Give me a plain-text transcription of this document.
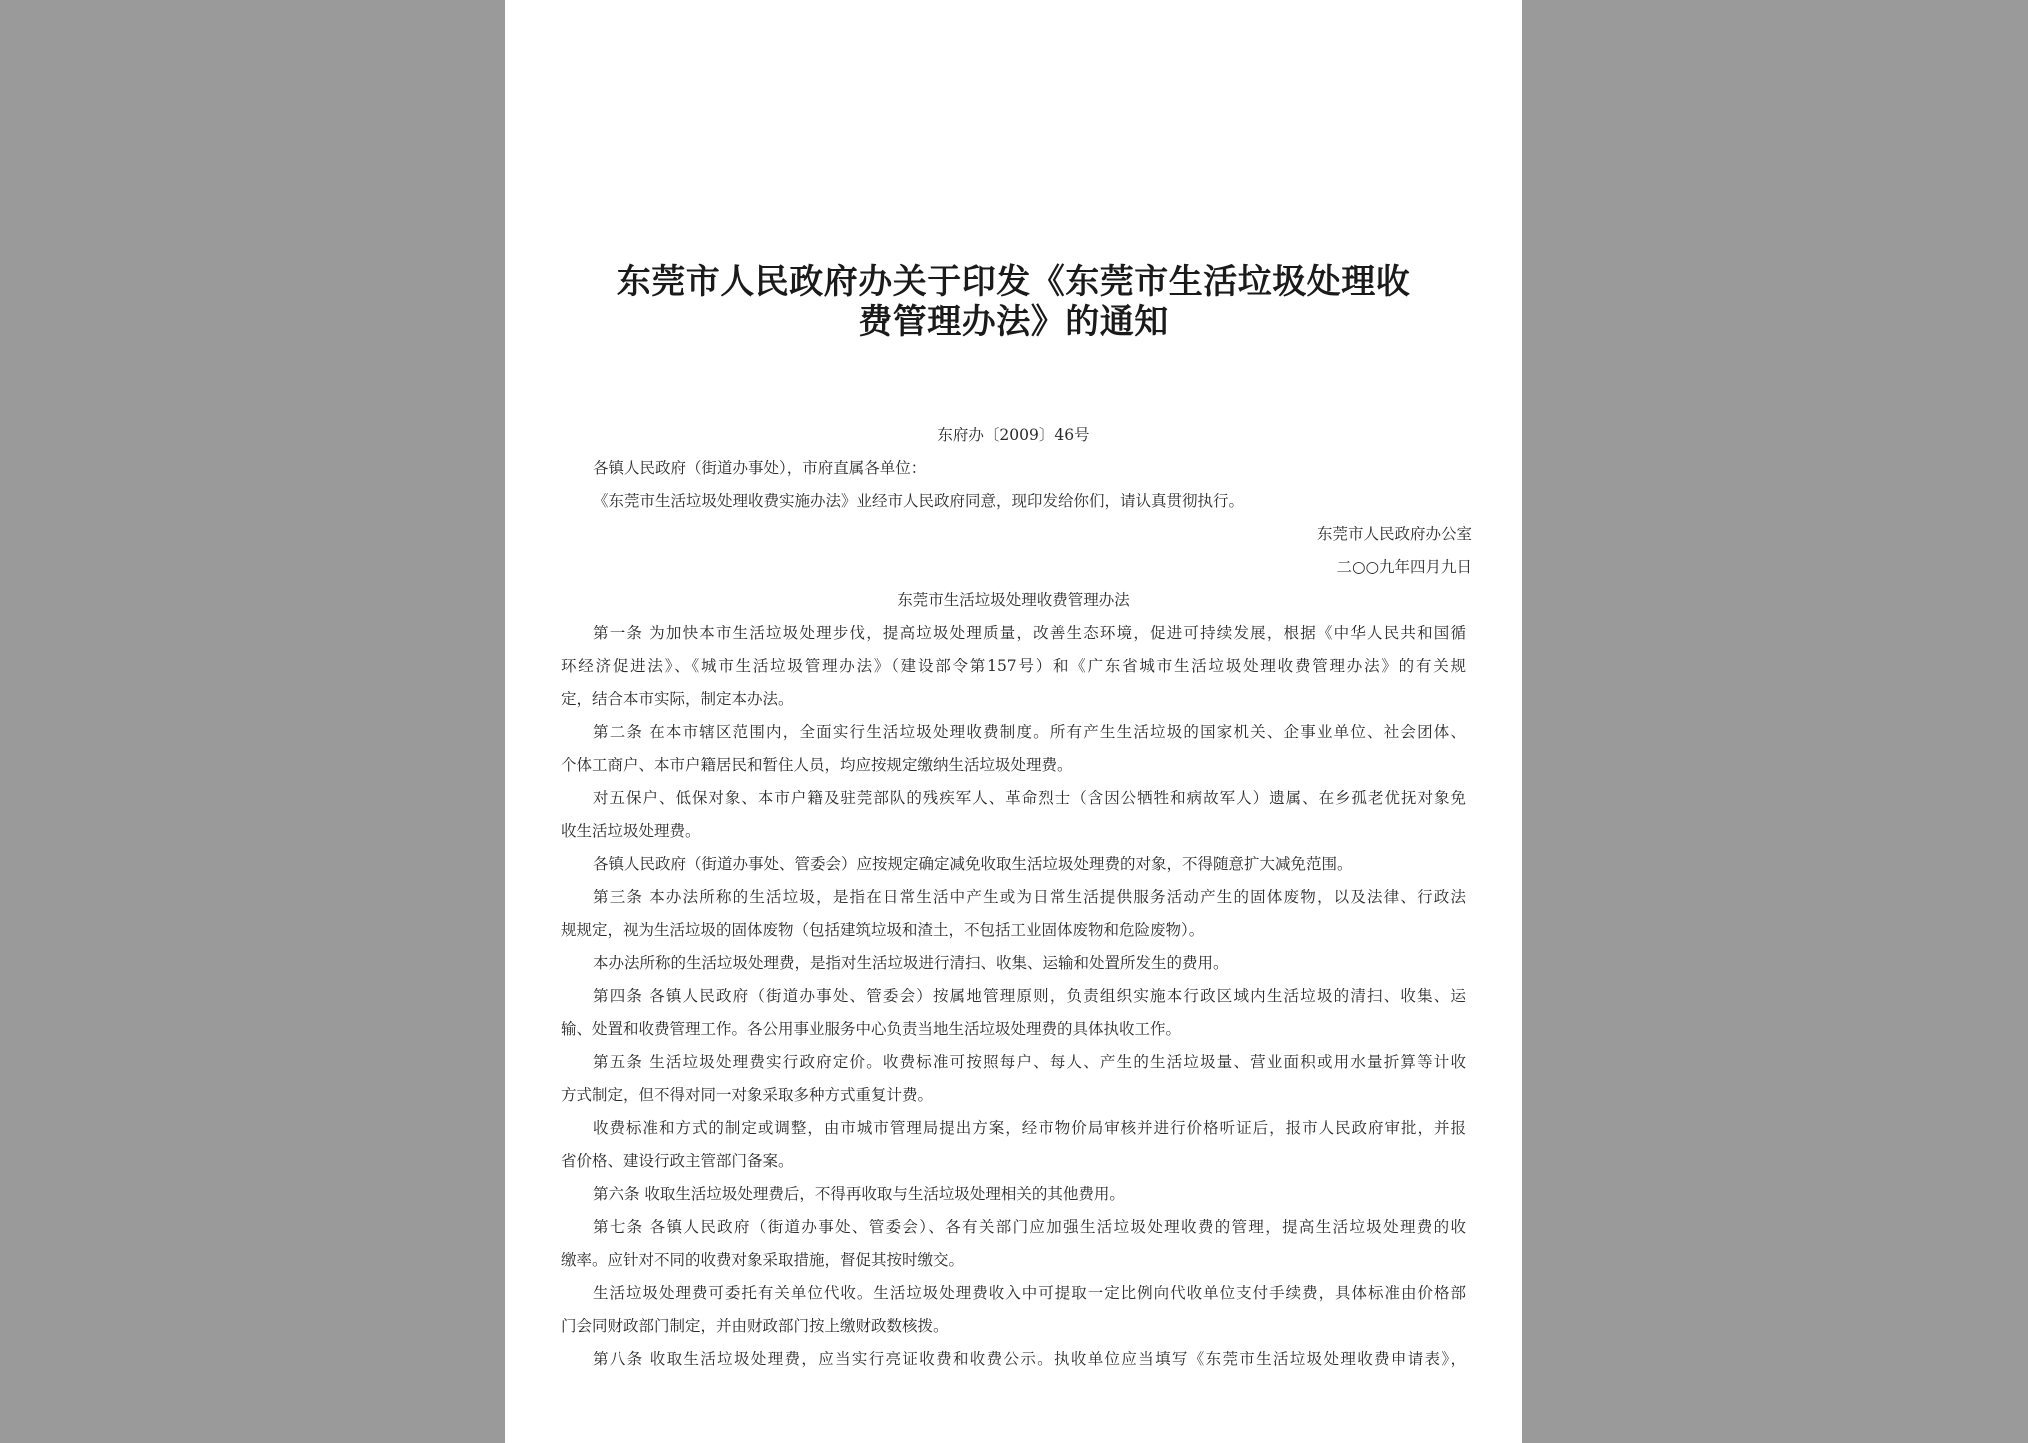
东莞市人民政府办关于印发《东莞市生活垃圾处理收
费管理办法》的通知
东府办〔2009〕46号
各镇人民政府（街道办事处），市府直属各单位：
《东莞市生活垃圾处理收费实施办法》业经市人民政府同意，现印发给你们，请认真贯彻执行。
东莞市人民政府办公室
二○○九年四月九日
东莞市生活垃圾处理收费管理办法
第一条 为加快本市生活垃圾处理步伐，提高垃圾处理质量，改善生态环境，促进可持续发展，根据《中华人民共和国循
环经济促进法》、《城市生活垃圾管理办法》（建设部令第157号）和《广东省城市生活垃圾处理收费管理办法》的有关规
定，结合本市实际，制定本办法。
第二条 在本市辖区范围内，全面实行生活垃圾处理收费制度。所有产生生活垃圾的国家机关、企事业单位、社会团体、
个体工商户、本市户籍居民和暂住人员，均应按规定缴纳生活垃圾处理费。
对五保户、低保对象、本市户籍及驻莞部队的残疾军人、革命烈士（含因公牺牲和病故军人）遗属、在乡孤老优抚对象免
收生活垃圾处理费。
各镇人民政府（街道办事处、管委会）应按规定确定减免收取生活垃圾处理费的对象，不得随意扩大减免范围。
第三条 本办法所称的生活垃圾，是指在日常生活中产生或为日常生活提供服务活动产生的固体废物，以及法律、行政法
规规定，视为生活垃圾的固体废物（包括建筑垃圾和渣土，不包括工业固体废物和危险废物）。
本办法所称的生活垃圾处理费，是指对生活垃圾进行清扫、收集、运输和处置所发生的费用。
第四条 各镇人民政府（街道办事处、管委会）按属地管理原则，负责组织实施本行政区域内生活垃圾的清扫、收集、运
输、处置和收费管理工作。各公用事业服务中心负责当地生活垃圾处理费的具体执收工作。
第五条 生活垃圾处理费实行政府定价。收费标准可按照每户、每人、产生的生活垃圾量、营业面积或用水量折算等计收
方式制定，但不得对同一对象采取多种方式重复计费。
收费标准和方式的制定或调整，由市城市管理局提出方案，经市物价局审核并进行价格听证后，报市人民政府审批，并报
省价格、建设行政主管部门备案。
第六条 收取生活垃圾处理费后，不得再收取与生活垃圾处理相关的其他费用。
第七条 各镇人民政府（街道办事处、管委会）、各有关部门应加强生活垃圾处理收费的管理，提高生活垃圾处理费的收
缴率。应针对不同的收费对象采取措施，督促其按时缴交。
生活垃圾处理费可委托有关单位代收。生活垃圾处理费收入中可提取一定比例向代收单位支付手续费，具体标准由价格部
门会同财政部门制定，并由财政部门按上缴财政数核拨。
第八条 收取生活垃圾处理费，应当实行亮证收费和收费公示。执收单位应当填写《东莞市生活垃圾处理收费申请表》，
